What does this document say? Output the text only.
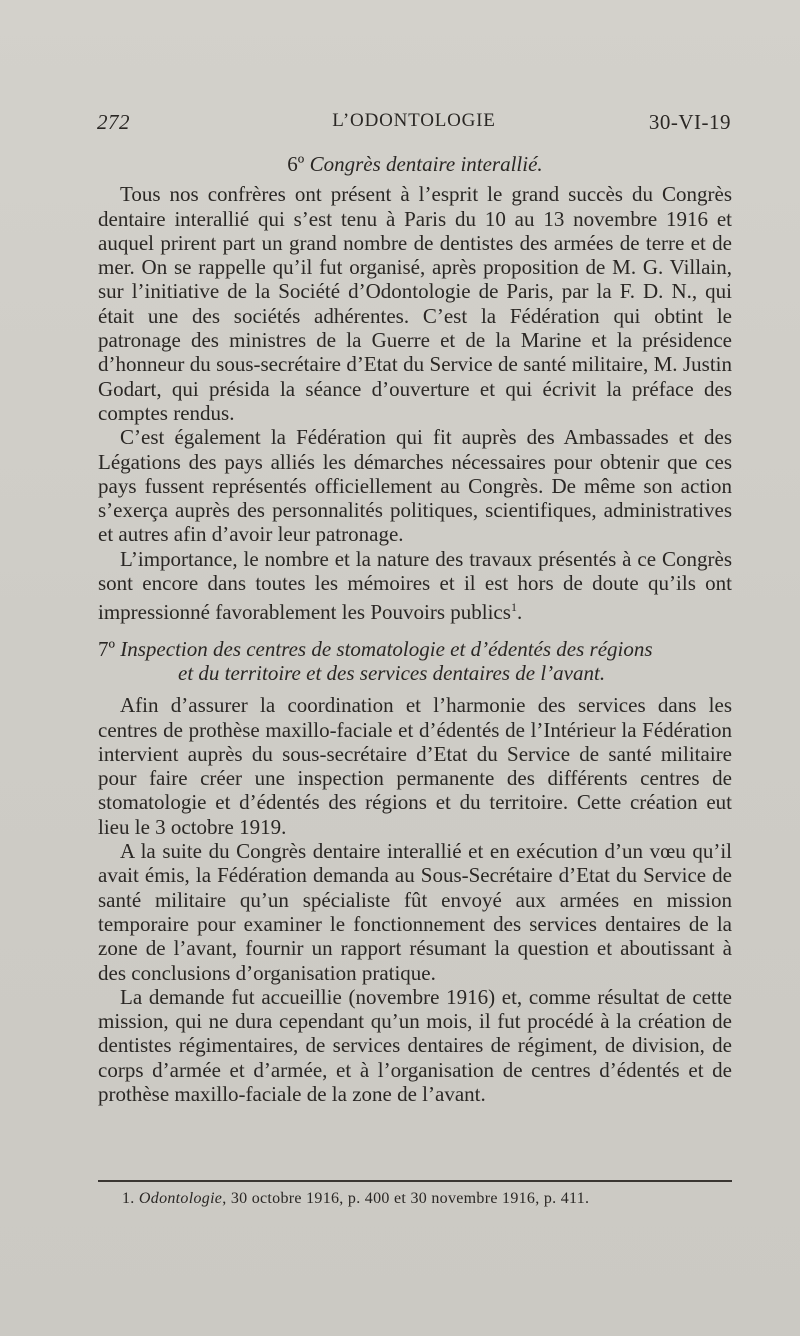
272	L’ODONTOLOGIE	30-VI-19
6º Congrès dentaire interallié.

Tous nos confrères ont présent à l’esprit le grand succès du Congrès dentaire interallié qui s’est tenu à Paris du 10 au 13 novembre 1916 et auquel prirent part un grand nombre de dentistes des armées de terre et de mer. On se rappelle qu’il fut organisé, après proposition de M. G. Villain, sur l’initiative de la Société d’Odontologie de Paris, par la F. D. N., qui était une des sociétés adhérentes. C’est la Fédération qui obtint le patronage des ministres de la Guerre et de la Marine et la présidence d’honneur du sous-secrétaire d’Etat du Service de santé militaire, M. Justin Godart, qui présida la séance d’ouverture et qui écrivit la préface des comptes rendus.

C’est également la Fédération qui fit auprès des Ambassades et des Légations des pays alliés les démarches nécessaires pour obtenir que ces pays fussent représentés officiellement au Congrès. De même son action s’exerça auprès des personnalités politiques, scientifiques, administratives et autres afin d’avoir leur patronage.

L’importance, le nombre et la nature des travaux présentés à ce Congrès sont encore dans toutes les mémoires et il est hors de doute qu’ils ont impressionné favorablement les Pouvoirs publics$^1$.

7º Inspection des centres de stomatologie et d’édentés des régions
et du territoire et des services dentaires de l’avant.

Afin d’assurer la coordination et l’harmonie des services dans les centres de prothèse maxillo-faciale et d’édentés de l’Intérieur la Fédération intervient auprès du sous-secrétaire d’Etat du Service de santé militaire pour faire créer une inspection permanente des différents centres de stomatologie et d’édentés des régions et du territoire. Cette création eut lieu le 3 octobre 1919.

A la suite du Congrès dentaire interallié et en exécution d’un vœu qu’il avait émis, la Fédération demanda au Sous-Secrétaire d’Etat du Service de santé militaire qu’un spécialiste fût envoyé aux armées en mission temporaire pour examiner le fonctionnement des services dentaires de la zone de l’avant, fournir un rapport résumant la question et aboutissant à des conclusions d’organisation pratique.

La demande fut accueillie (novembre 1916) et, comme résultat de cette mission, qui ne dura cependant qu’un mois, il fut procédé à la création de dentistes régimentaires, de services dentaires de régiment, de division, de corps d’armée et d’armée, et à l’organisation de centres d’édentés et de prothèse maxillo-faciale de la zone de l’avant.

1. Odontologie, 30 octobre 1916, p. 400 et 30 novembre 1916, p. 411.
